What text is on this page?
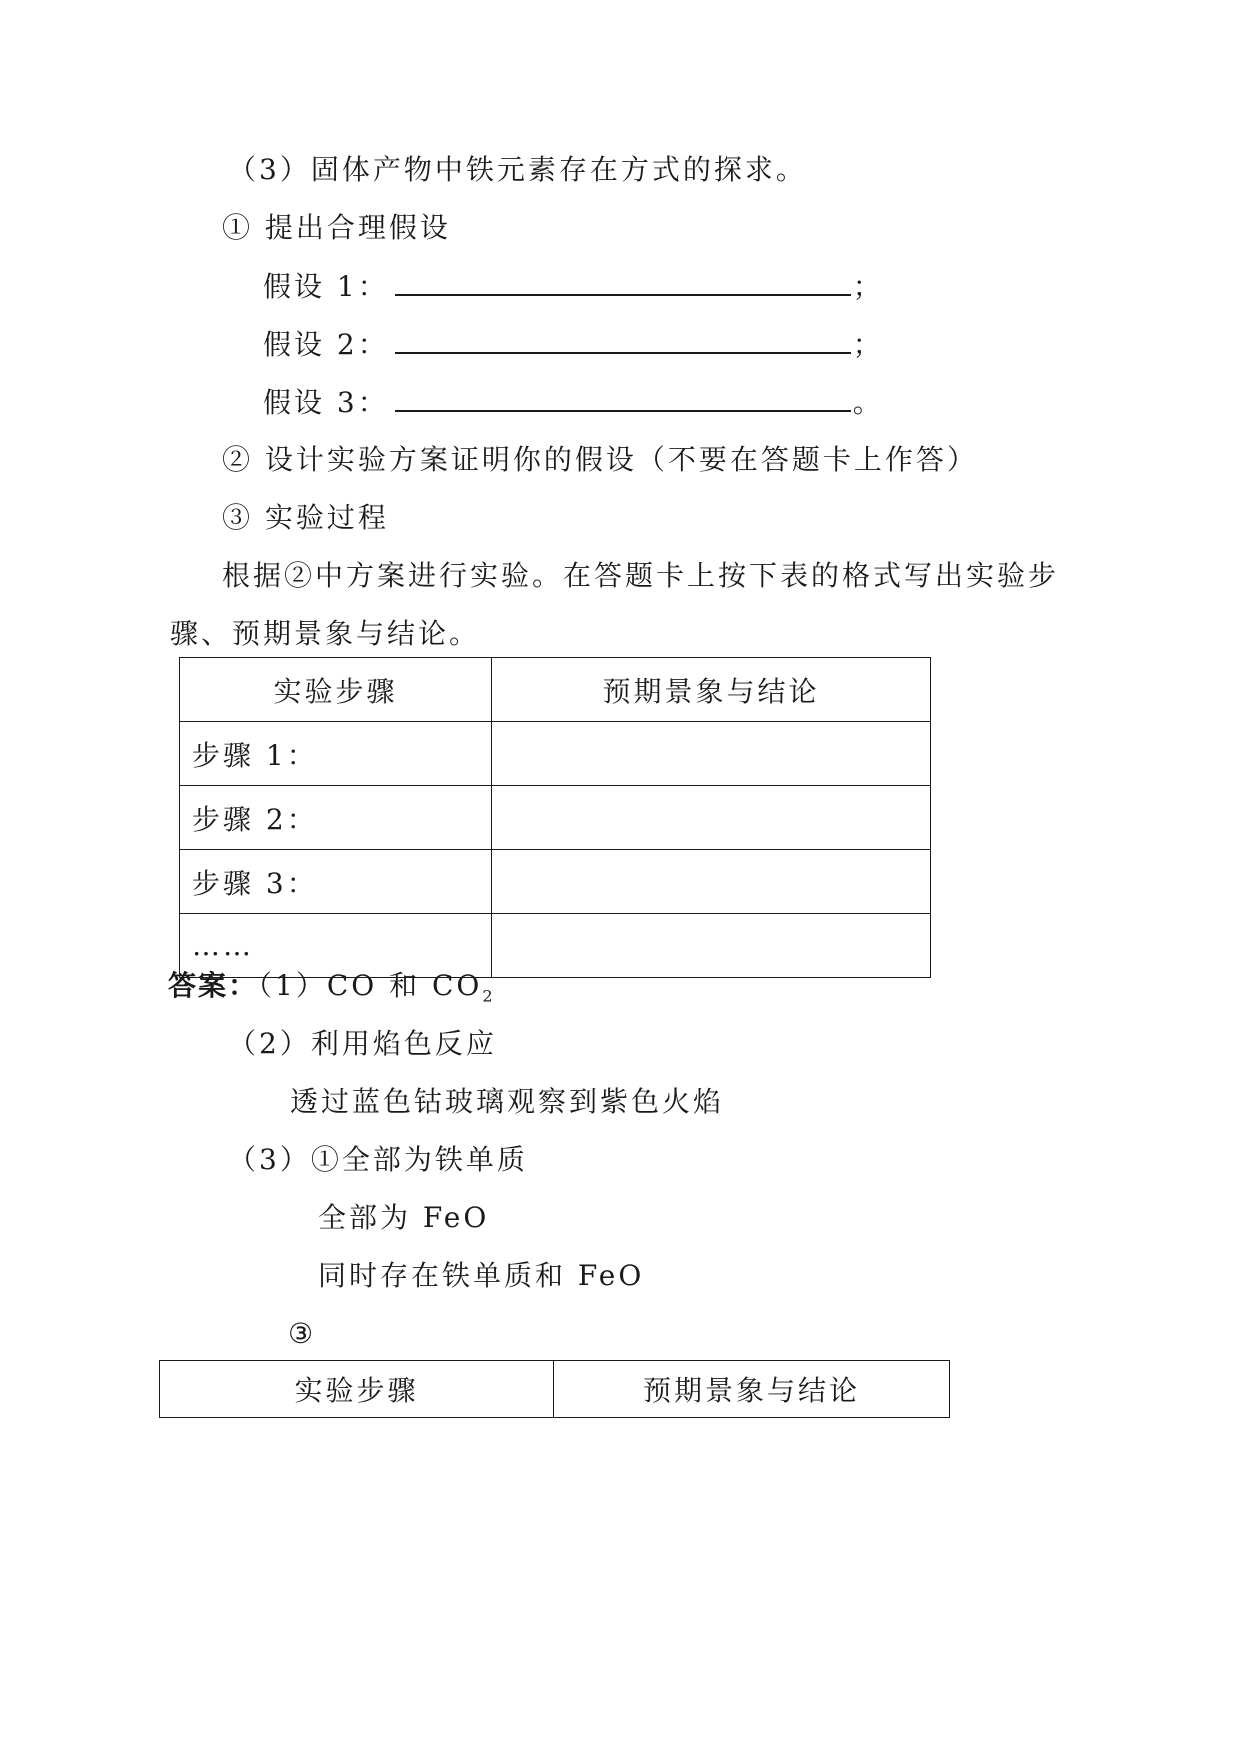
（3）固体产物中铁元素存在方式的探求。
① 提出合理假设
假设 1：	；
假设 2：	；
假设 3：	。
② 设计实验方案证明你的假设（不要在答题卡上作答）
③ 实验过程
根据②中方案进行实验。在答题卡上按下表的格式写出实验步
骤、预期景象与结论。
实验步骤	预期景象与结论
步骤 1：	
步骤 2：	
步骤 3：	
……	
答案：（1）CO 和 $CO_2$
（2）利用焰色反应
透过蓝色钴玻璃观察到紫色火焰
（3）①全部为铁单质
全部为 FeO
同时存在铁单质和 FeO
③
实验步骤	预期景象与结论
